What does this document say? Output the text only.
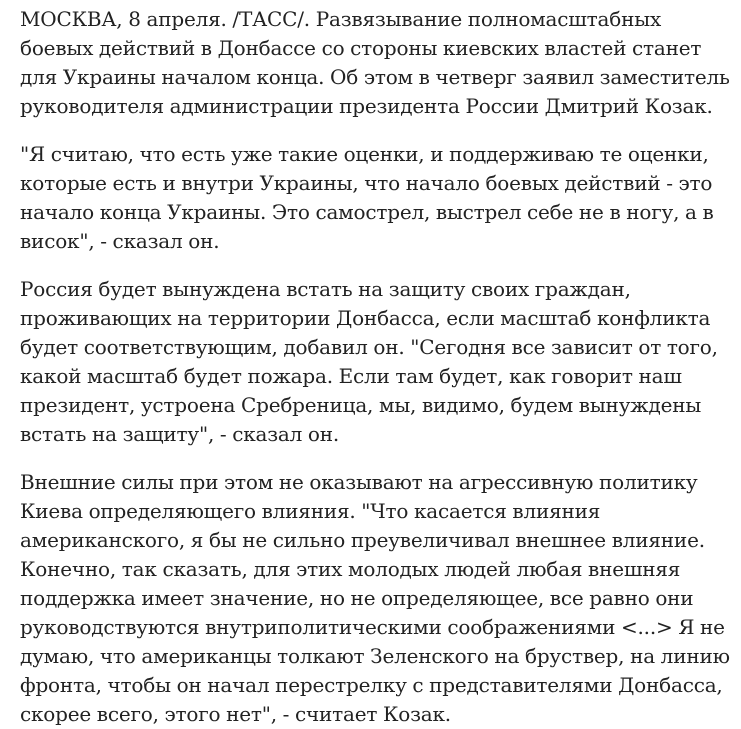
МОСКВА, 8 апреля. /ТАСС/. Развязывание полномасштабных боевых действий в Донбассе со стороны киевских властей станет для Украины началом конца. Об этом в четверг заявил заместитель руководителя администрации президента России Дмитрий Козак.

"Я считаю, что есть уже такие оценки, и поддерживаю те оценки, которые есть и внутри Украины, что начало боевых действий - это начало конца Украины. Это самострел, выстрел себе не в ногу, а в висок", - сказал он.

Россия будет вынуждена встать на защиту своих граждан, проживающих на территории Донбасса, если масштаб конфликта будет соответствующим, добавил он. "Сегодня все зависит от того, какой масштаб будет пожара. Если там будет, как говорит наш президент, устроена Сребреница, мы, видимо, будем вынуждены встать на защиту", - сказал он.

Внешние силы при этом не оказывают на агрессивную политику Киева определяющего влияния. "Что касается влияния американского, я бы не сильно преувеличивал внешнее влияние. Конечно, так сказать, для этих молодых людей любая внешняя поддержка имеет значение, но не определяющее, все равно они руководствуются внутриполитическими соображениями <...> Я не думаю, что американцы толкают Зеленского на бруствер, на линию фронта, чтобы он начал перестрелку с представителями Донбасса, скорее всего, этого нет", - считает Козак.
